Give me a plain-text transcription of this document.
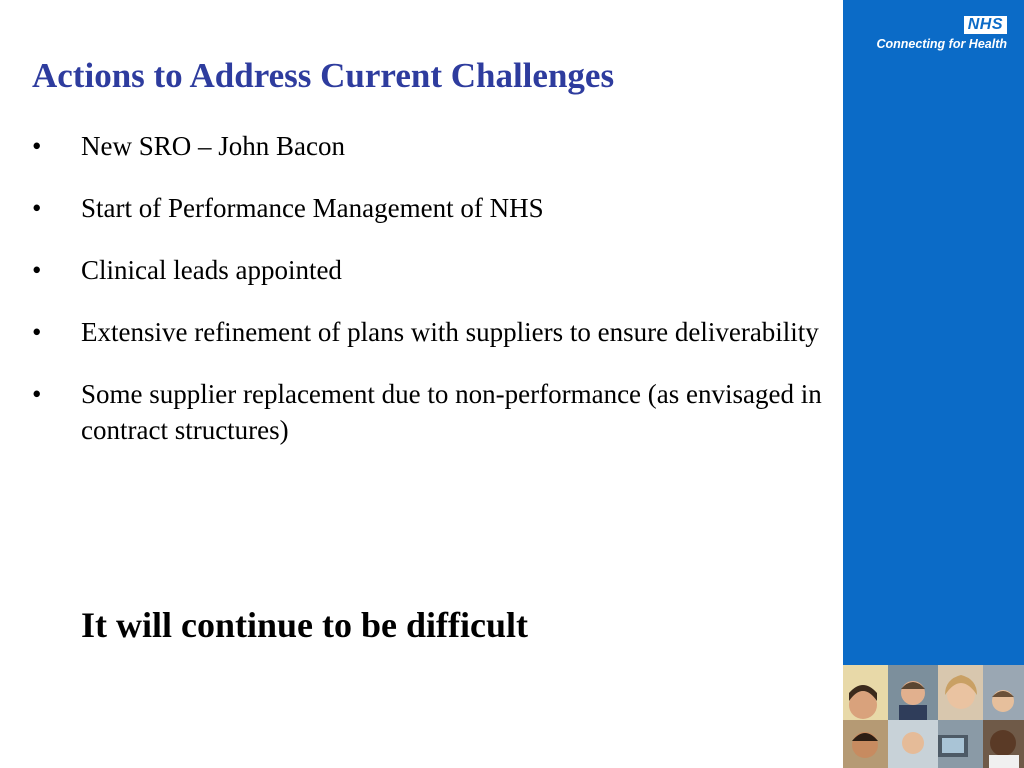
Actions to Address Current Challenges
•	New SRO – John Bacon
•	Start of Performance Management of NHS
•	Clinical leads appointed
•	Extensive refinement of plans with suppliers to ensure deliverability
•	Some supplier replacement due to non-performance (as envisaged in contract structures)
It will continue to be difficult
NHS
Connecting for Health
